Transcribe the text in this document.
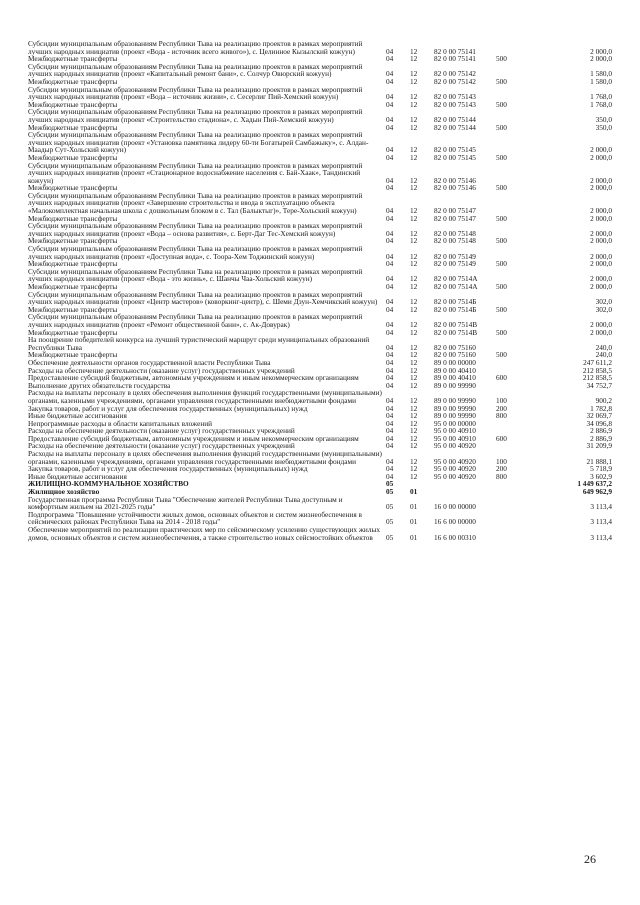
Субсидии муниципальным образованиям Республики Тыва на реализацию проектов в рамках мероприятий лучших народных инициатив (проект «Вода - источник всего живого»), с. Целинное Кызылский кожуун)	04	12	82 0 00 75141	2 000,0
Межбюджетные трансферты	04	12	82 0 00 75141	500	2 000,0
Субсидии муниципальным образованиям Республики Тыва на реализацию проектов в рамках мероприятий лучших народных инициатив (проект «Капитальный ремонт бани», с. Солчур Овюрский кожуун)	04	12	82 0 00 75142	1 580,0
Межбюджетные трансферты	04	12	82 0 00 75142	500	1 580,0
Субсидии муниципальным образованиям Республики Тыва на реализацию проектов в рамках мероприятий лучших народных инициатив (проект «Вода – источник жизни», с. Сесерлиг Пий-Хемский кожуун)	04	12	82 0 00 75143	1 768,0
Межбюджетные трансферты	04	12	82 0 00 75143	500	1 768,0
Субсидии муниципальным образованиям Республики Тыва на реализацию проектов в рамках мероприятий лучших народных инициатив (проект «Строительство стадиона», с. Хадын Пий-Хемский кожуун)	04	12	82 0 00 75144	350,0
Межбюджетные трансферты	04	12	82 0 00 75144	500	350,0
Субсидии муниципальным образованиям Республики Тыва на реализацию проектов в рамках мероприятий лучших народных инициатив (проект «Установка памятника лидеру 60-ти Богатырей Самбажыку», с. Алдан-Маадыр Сут-Хольский кожуун)	04	12	82 0 00 75145	2 000,0
Межбюджетные трансферты	04	12	82 0 00 75145	500	2 000,0
Субсидии муниципальным образованиям Республики Тыва на реализацию проектов в рамках мероприятий лучших народных инициатив (проект «Стационарное водоснабжение населения с. Бай-Хаак», Тандинский кожуун)	04	12	82 0 00 75146	2 000,0
Межбюджетные трансферты	04	12	82 0 00 75146	500	2 000,0
Субсидии муниципальным образованиям Республики Тыва на реализацию проектов в рамках мероприятий лучших народных инициатив (проект «Завершение строительства и ввода в эксплуатацию объекта «Малокомплектная начальная школа с дошкольным блоком в с. Тал (Балыктыг)», Тере-Хольский кожуун)	04	12	82 0 00 75147	2 000,0
Межбюджетные трансферты	04	12	82 0 00 75147	500	2 000,0
Субсидии муниципальным образованиям Республики Тыва на реализацию проектов в рамках мероприятий лучших народных инициатив (проект «Вода – основа развития», с. Берт-Даг Тес-Хемский кожуун)	04	12	82 0 00 75148	2 000,0
Межбюджетные трансферты	04	12	82 0 00 75148	500	2 000,0
Субсидии муниципальным образованиям Республики Тыва на реализацию проектов в рамках мероприятий лучших народных инициатив (проект «Доступная вода», с. Тоора-Хем Тоджинский кожуун)	04	12	82 0 00 75149	2 000,0
Межбюджетные трансферты	04	12	82 0 00 75149	500	2 000,0
Субсидии муниципальным образованиям Республики Тыва на реализацию проектов в рамках мероприятий лучших народных инициатив (проект «Вода - это жизнь», с. Шанчы Чаа-Хольский кожуун)	04	12	82 0 00 7514А	2 000,0
Межбюджетные трансферты	04	12	82 0 00 7514А	500	2 000,0
Субсидии муниципальным образованиям Республики Тыва на реализацию проектов в рамках мероприятий лучших народных инициатив (проект «Центр мастеров» (коворкинг-центр), с. Шеми Дзун-Хемчикский кожуун)	04	12	82 0 00 7514Б	302,0
Межбюджетные трансферты	04	12	82 0 00 7514Б	500	302,0
Субсидии муниципальным образованиям Республики Тыва на реализацию проектов в рамках мероприятий лучших народных инициатив (проект «Ремонт общественной бани», с. Ак-Довурак)	04	12	82 0 00 7514В	2 000,0
Межбюджетные трансферты	04	12	82 0 00 7514В	500	2 000,0
На поощрение победителей конкурса на лучший туристический маршрут среди муниципальных образований Республики Тыва	04	12	82 0 00 75160	240,0
Межбюджетные трансферты	04	12	82 0 00 75160	500	240,0
Обеспечение деятельности органов государственной власти Республики Тыва	04	12	89 0 00 00000	247 611,2
Расходы на обеспечение деятельности (оказание услуг) государственных учреждений	04	12	89 0 00 40410	212 858,5
Предоставление субсидий бюджетным, автономным учреждениям и иным некоммерческим организациям	04	12	89 0 00 40410	600	212 858,5
Выполнение других обязательств государства	04	12	89 0 00 99990	34 752,7
Расходы на выплаты персоналу в целях обеспечения выполнения функций государственными (муниципальными) органами, казенными учреждениями, органами управления государственными внебюджетными фондами	04	12	89 0 00 99990	100	900,2
Закупка товаров, работ и услуг для обеспечения государственных (муниципальных) нужд	04	12	89 0 00 99990	200	1 782,8
Иные бюджетные ассигнования	04	12	89 0 00 99990	800	32 069,7
Непрограммные расходы в области капитальных вложений	04	12	95 0 00 00000	34 096,8
Расходы на обеспечение деятельности (оказание услуг) государственных учреждений	04	12	95 0 00 40910	2 886,9
Предоставление субсидий бюджетным, автономным учреждениям и иным некоммерческим организациям	04	12	95 0 00 40910	600	2 886,9
Расходы на обеспечение деятельности (оказание услуг) государственных учреждений	04	12	95 0 00 40920	31 209,9
Расходы на выплаты персоналу в целях обеспечения выполнения функций государственными (муниципальными) органами, казенными учреждениями, органами управления государственными внебюджетными фондами	04	12	95 0 00 40920	100	21 888,1
Закупка товаров, работ и услуг для обеспечения государственных (муниципальных) нужд	04	12	95 0 00 40920	200	5 718,9
Иные бюджетные ассигнования	04	12	95 0 00 40920	800	3 602,9
ЖИЛИЩНО-КОММУНАЛЬНОЕ ХОЗЯЙСТВО	05	1 449 637,2
Жилищное хозяйство	05	01	649 962,9
Государственная программа Республики Тыва "Обеспечение жителей Республики Тыва доступным и комфортным жильем на 2021-2025 годы"	05	01	16 0 00 00000	3 113,4
Подпрограмма "Повышение устойчивости жилых домов, основных объектов и систем жизнеобеспечения в сейсмических районах Республики Тыва на 2014 - 2018 годы"	05	01	16 6 00 00000	3 113,4
Обеспечение мероприятий по реализации практических мер по сейсмическому усилению существующих жилых домов, основных объектов и систем жизнеобеспечения, а также строительство новых сейсмостойких объектов	05	01	16 6 00 00310	3 113,4
26
